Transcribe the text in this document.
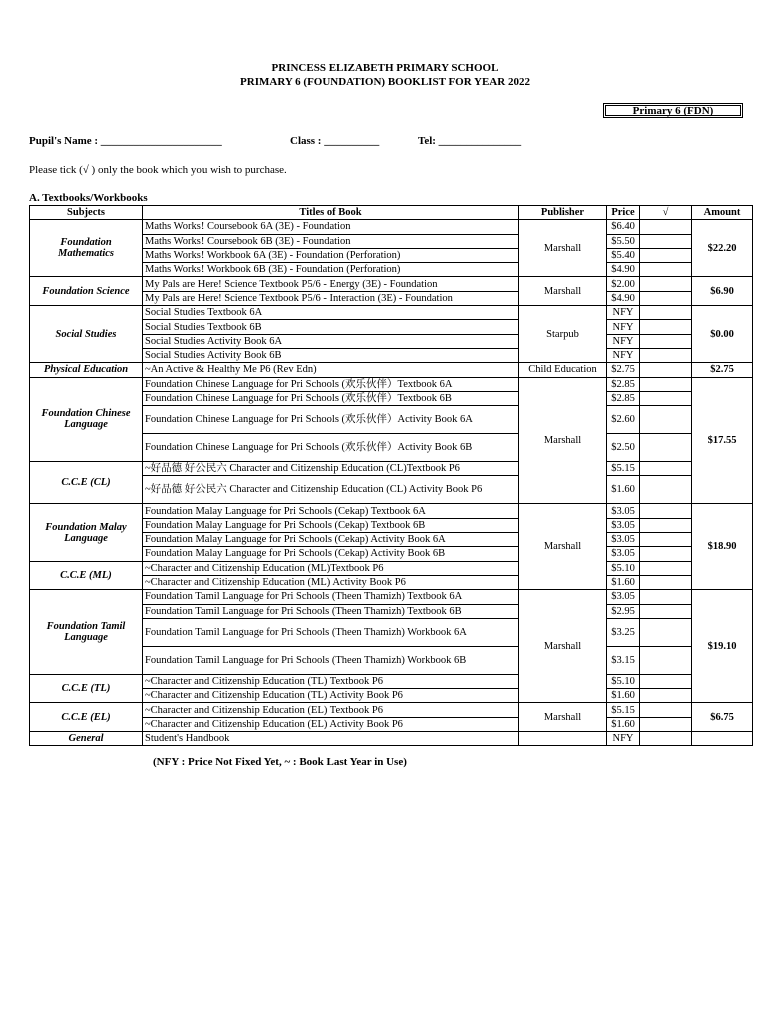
PRINCESS ELIZABETH PRIMARY SCHOOL
PRIMARY 6 (FOUNDATION) BOOKLIST FOR YEAR 2022
Primary 6 (FDN)
Pupil's Name : ______________________	Class : __________	Tel: _______________
Please tick (√ ) only the book which you wish to purchase.
A. Textbooks/Workbooks
Subjects	Titles of Book	Publisher	Price	√	Amount
Foundation Mathematics	Maths Works! Coursebook 6A (3E) - Foundation	Marshall	$6.40		$22.20
	Maths Works! Coursebook 6B (3E) - Foundation		$5.50		
	Maths Works! Workbook 6A (3E) - Foundation (Perforation)		$5.40		
	Maths Works! Workbook 6B (3E) - Foundation (Perforation)		$4.90		
Foundation Science	My Pals are Here! Science Textbook P5/6 - Energy (3E) - Foundation	Marshall	$2.00		$6.90
	My Pals are Here! Science Textbook P5/6 - Interaction (3E) - Foundation		$4.90		
Social Studies	Social Studies Textbook 6A	Starpub	NFY		$0.00
	Social Studies Textbook 6B		NFY		
	Social Studies Activity Book 6A		NFY		
	Social Studies Activity Book 6B		NFY		
Physical Education	~An Active & Healthy Me P6 (Rev Edn)	Child Education	$2.75		$2.75
Foundation Chinese Language	Foundation Chinese Language for Pri Schools (欢乐伙伴）Textbook 6A	Marshall	$2.85		$17.55
	Foundation Chinese Language for Pri Schools (欢乐伙伴）Textbook 6B		$2.85		
	Foundation Chinese Language for Pri Schools (欢乐伙伴）Activity Book 6A		$2.60		
	Foundation Chinese Language for Pri Schools (欢乐伙伴）Activity Book 6B		$2.50		
C.C.E (CL)	~好品德 好公民六 Character and Citizenship Education (CL)Textbook P6		$5.15		
	~好品德 好公民六 Character and Citizenship Education (CL) Activity Book P6		$1.60		
Foundation Malay Language	Foundation Malay Language for Pri Schools (Cekap) Textbook 6A	Marshall	$3.05		$18.90
	Foundation Malay Language for Pri Schools (Cekap) Textbook 6B		$3.05		
	Foundation Malay Language for Pri Schools (Cekap) Activity Book 6A		$3.05		
	Foundation Malay Language for Pri Schools (Cekap) Activity Book 6B		$3.05		
C.C.E (ML)	~Character and Citizenship Education (ML)Textbook P6		$5.10		
	~Character and Citizenship Education (ML) Activity Book P6		$1.60		
Foundation Tamil Language	Foundation Tamil Language for Pri Schools (Theen Thamizh) Textbook 6A	Marshall	$3.05		$19.10
	Foundation Tamil Language for Pri Schools (Theen Thamizh) Textbook 6B		$2.95		
	Foundation Tamil Language for Pri Schools (Theen Thamizh) Workbook 6A		$3.25		
	Foundation Tamil Language for Pri Schools (Theen Thamizh) Workbook 6B		$3.15		
C.C.E (TL)	~Character and Citizenship Education (TL) Textbook P6		$5.10		
	~Character and Citizenship Education (TL) Activity Book P6		$1.60		
C.C.E (EL)	~Character and Citizenship Education (EL) Textbook P6	Marshall	$5.15		$6.75
	~Character and Citizenship Education (EL) Activity Book P6		$1.60		
General	Student's Handbook		NFY		
(NFY : Price Not Fixed Yet, ~ : Book Last Year in Use)
